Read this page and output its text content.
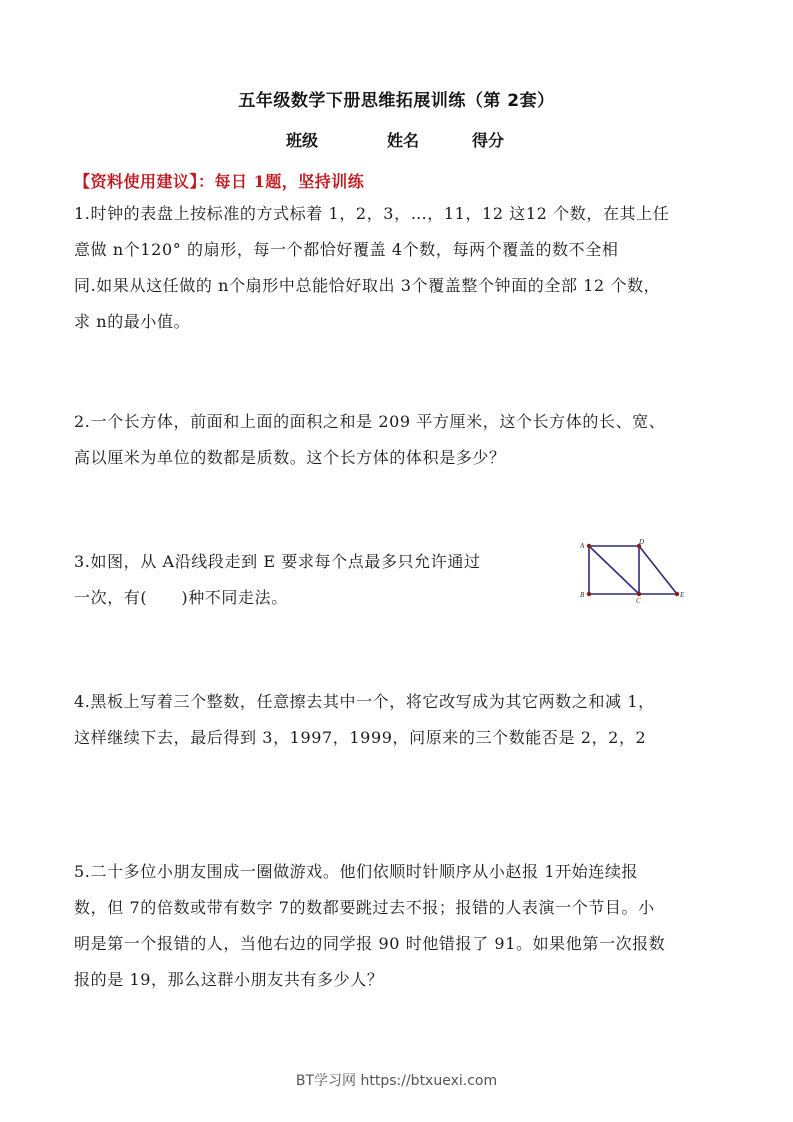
五年级数学下册思维拓展训练（第 2套）
班级	姓名	得分
【资料使用建议】：每日 1题，坚持训练

1.时钟的表盘上按标准的方式标着 1，2，3，…，11，12 这12 个数，在其上任

意做 n个120° 的扇形，每一个都恰好覆盖 4个数，每两个覆盖的数不全相

同.如果从这任做的 n个扇形中总能恰好取出 3个覆盖整个钟面的全部 12 个数，

求 n的最小值。

2.一个长方体，前面和上面的面积之和是 209 平方厘米，这个长方体的长、宽、

高以厘米为单位的数都是质数。这个长方体的体积是多少？

3.如图，从 A沿线段走到 E 要求每个点最多只允许通过

一次，有(      )种不同走法。

A	D
B
C
E

4.黑板上写着三个整数，任意擦去其中一个，将它改写成为其它两数之和减 1，

这样继续下去，最后得到 3，1997，1999，问原来的三个数能否是 2，2，2

5.二十多位小朋友围成一圈做游戏。他们依顺时针顺序从小赵报 1开始连续报

数，但 7的倍数或带有数字 7的数都要跳过去不报；报错的人表演一个节目。小

明是第一个报错的人，当他右边的同学报 90 时他错报了 91。如果他第一次报数

报的是 19，那么这群小朋友共有多少人？

BT学习网 https://btxuexi.com
